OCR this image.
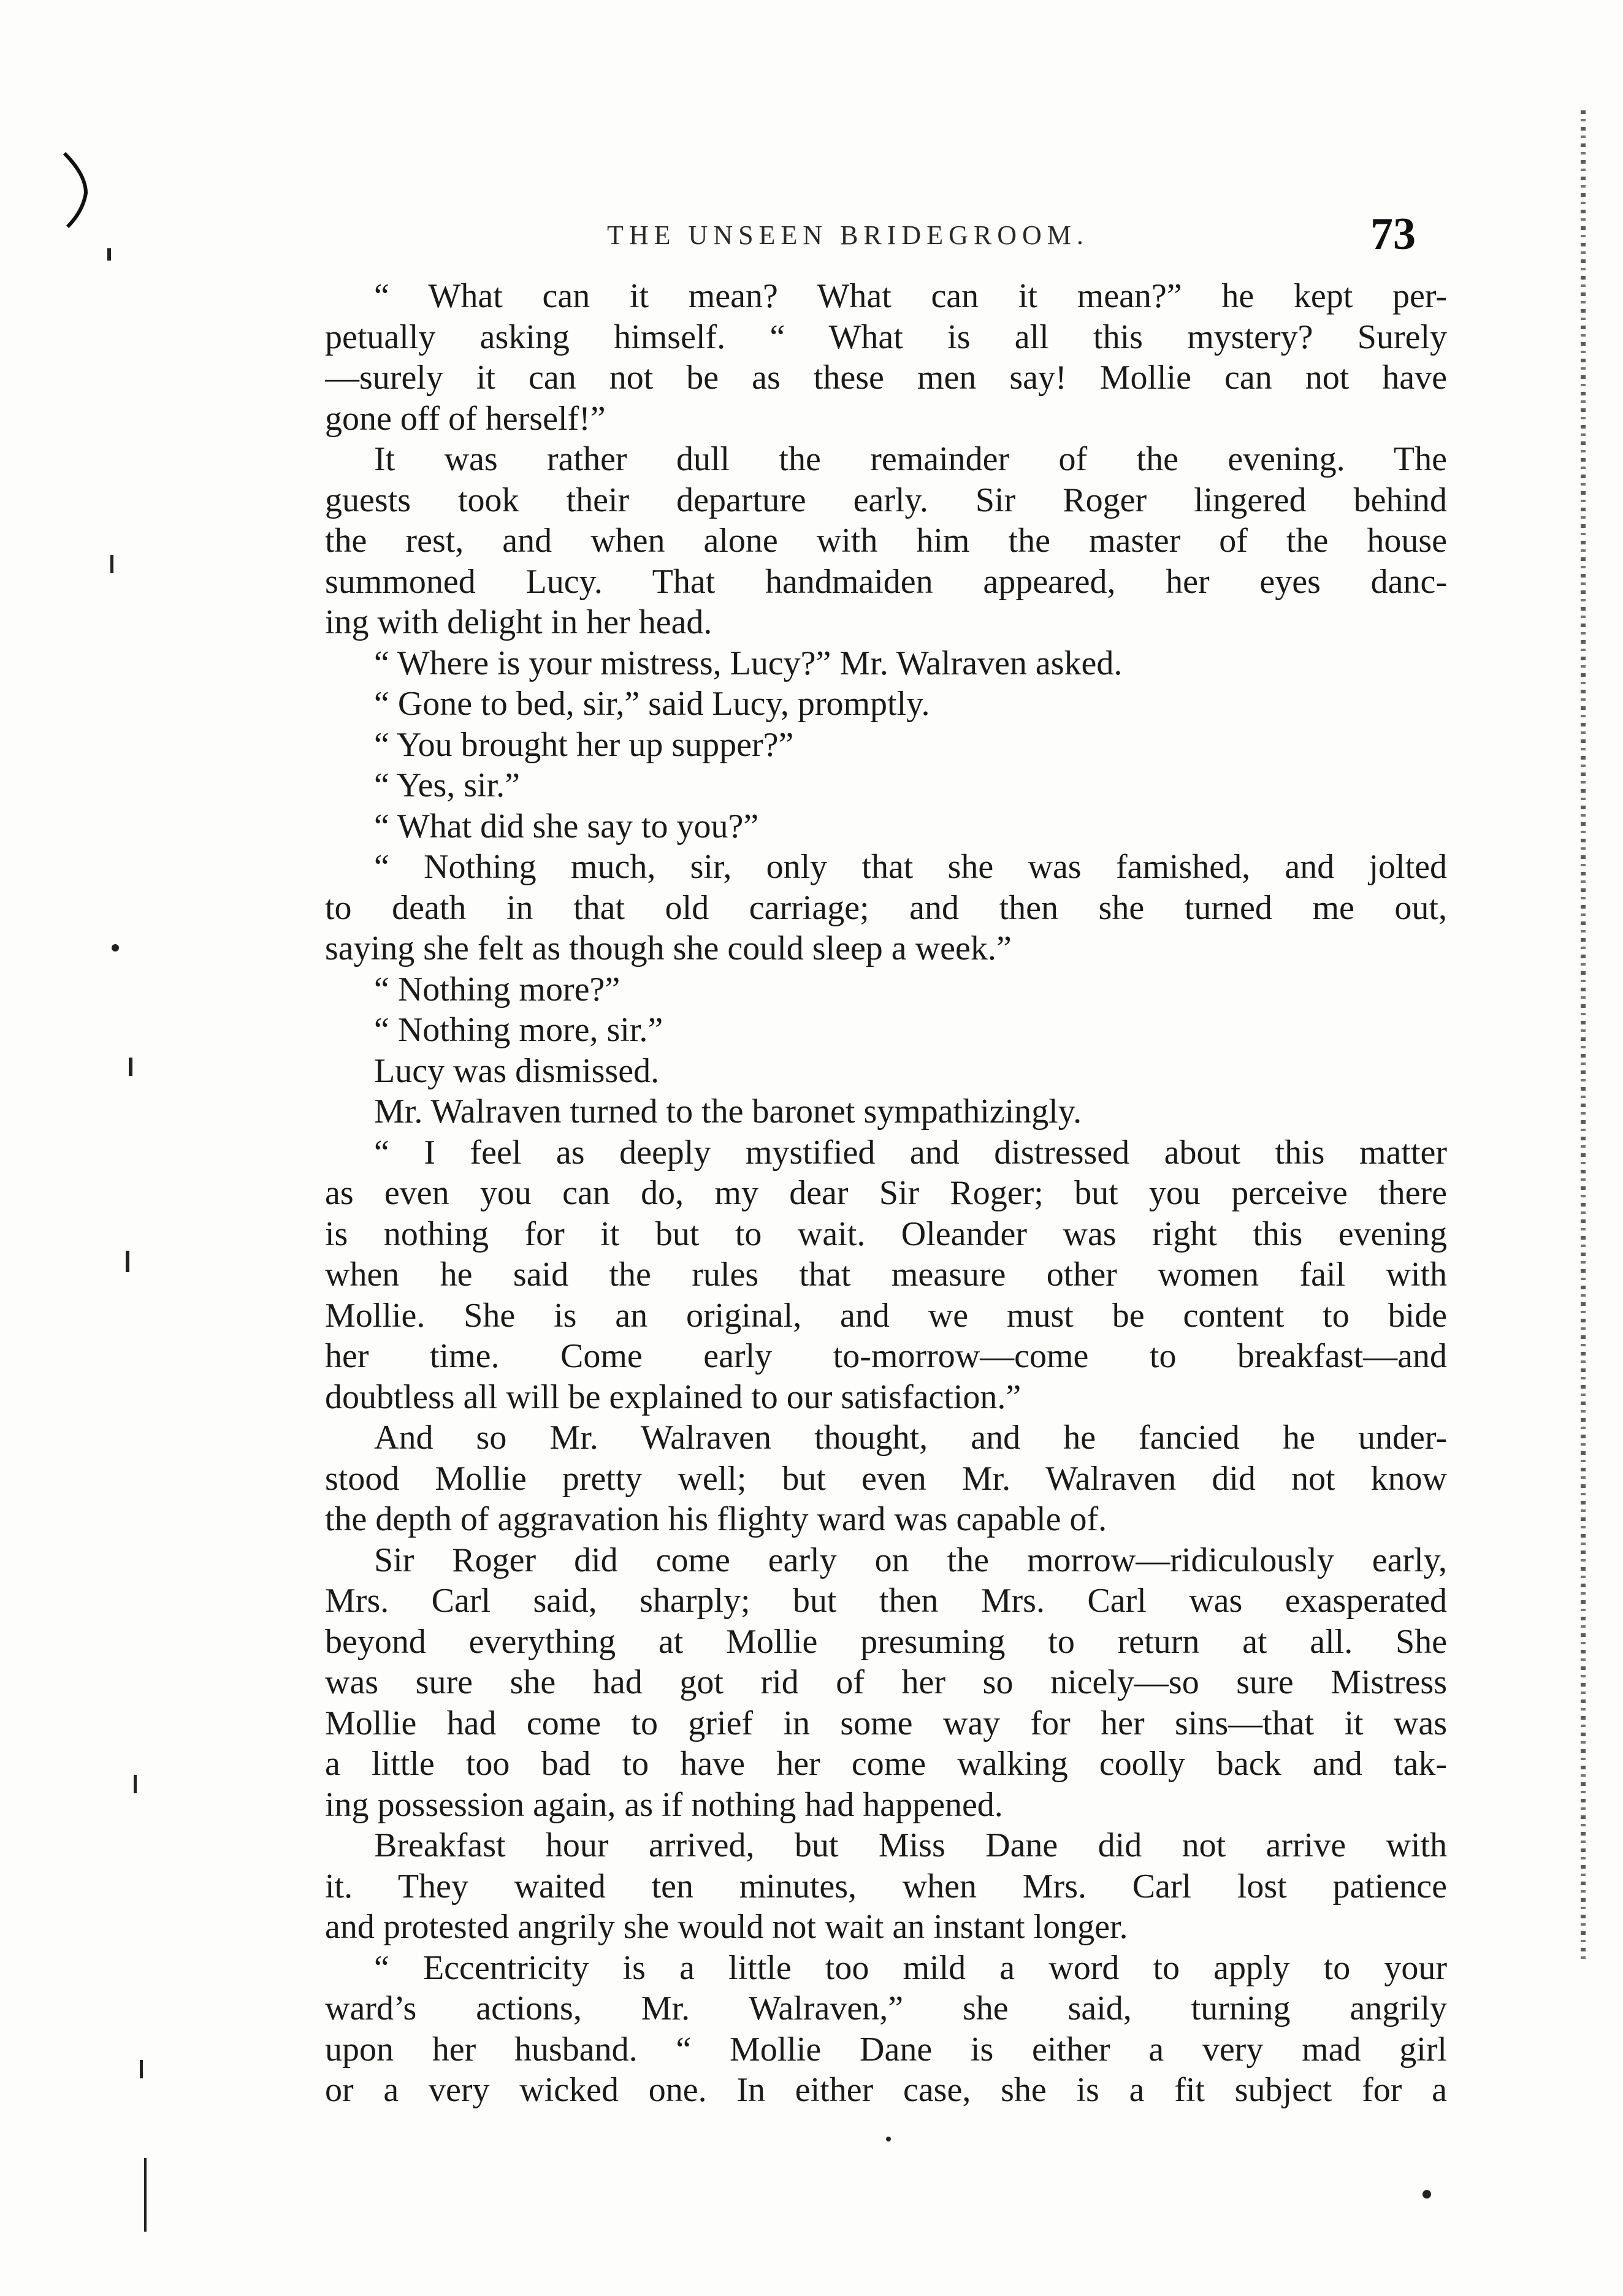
THE UNSEEN BRIDEGROOM.	73
“ What can it mean? What can it mean?” he kept per-
petually asking himself. “ What is all this mystery? Surely
—surely it can not be as these men say! Mollie can not have
gone off of herself!”
It was rather dull the remainder of the evening. The
guests took their departure early. Sir Roger lingered behind
the rest, and when alone with him the master of the house
summoned Lucy. That handmaiden appeared, her eyes danc-
ing with delight in her head.
“ Where is your mistress, Lucy?” Mr. Walraven asked.
“ Gone to bed, sir,” said Lucy, promptly.
“ You brought her up supper?”
“ Yes, sir.”
“ What did she say to you?”
“ Nothing much, sir, only that she was famished, and jolted
to death in that old carriage; and then she turned me out,
saying she felt as though she could sleep a week.”
“ Nothing more?”
“ Nothing more, sir.”
Lucy was dismissed.
Mr. Walraven turned to the baronet sympathizingly.
“ I feel as deeply mystified and distressed about this matter
as even you can do, my dear Sir Roger; but you perceive there
is nothing for it but to wait. Oleander was right this evening
when he said the rules that measure other women fail with
Mollie. She is an original, and we must be content to bide
her time. Come early to-morrow—come to breakfast—and
doubtless all will be explained to our satisfaction.”
And so Mr. Walraven thought, and he fancied he under-
stood Mollie pretty well; but even Mr. Walraven did not know
the depth of aggravation his flighty ward was capable of.
Sir Roger did come early on the morrow—ridiculously early,
Mrs. Carl said, sharply; but then Mrs. Carl was exasperated
beyond everything at Mollie presuming to return at all. She
was sure she had got rid of her so nicely—so sure Mistress
Mollie had come to grief in some way for her sins—that it was
a little too bad to have her come walking coolly back and tak-
ing possession again, as if nothing had happened.
Breakfast hour arrived, but Miss Dane did not arrive with
it. They waited ten minutes, when Mrs. Carl lost patience
and protested angrily she would not wait an instant longer.
“ Eccentricity is a little too mild a word to apply to your
ward’s actions, Mr. Walraven,” she said, turning angrily
upon her husband. “ Mollie Dane is either a very mad girl
or a very wicked one. In either case, she is a fit subject for a
